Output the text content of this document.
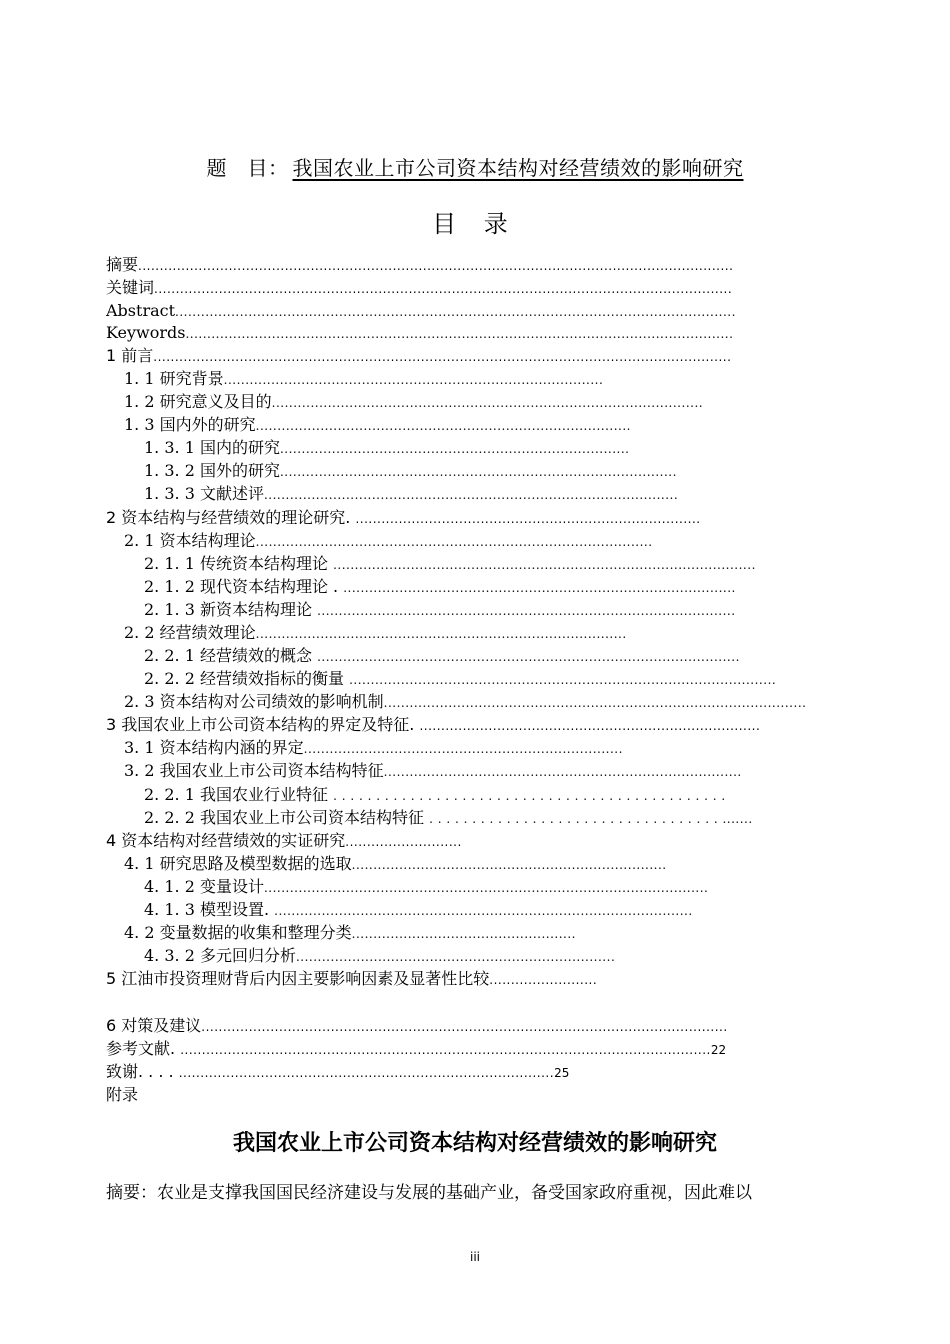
题　目： 我国农业上市公司资本结构对经营绩效的影响研究
目 录
摘要..........................................................................................................................................
关键词......................................................................................................................................
Abstract..................................................................................................................................
Keywords...............................................................................................................................
1 前言......................................................................................................................................
1. 1 研究背景........................................................................................
1. 2 研究意义及目的....................................................................................................
1. 3 国内外的研究.......................................................................................
1. 3. 1 国内的研究.................................................................................
1. 3. 2 国外的研究............................................................................................
1. 3. 3 文献述评................................................................................................
2 资本结构与经营绩效的理论研究. ................................................................................
2. 1 资本结构理论............................................................................................
2. 1. 1 传统资本结构理论 ..................................................................................................
2. 1. 2 现代资本结构理论 . ...........................................................................................
2. 1. 3 新资本结构理论 .................................................................................................
2. 2 经营绩效理论......................................................................................
2. 2. 1 经营绩效的概念 ..................................................................................................
2. 2. 2 经营绩效指标的衡量 ...................................................................................................
2. 3 资本结构对公司绩效的影响机制..................................................................................................
3 我国农业上市公司资本结构的界定及特征. ...............................................................................
3. 1 资本结构内涵的界定..........................................................................
3. 2 我国农业上市公司资本结构特征...................................................................................
2. 2. 1 我国农业行业特征 . . . . . . . . . . . . . . . . . . . . . . . . . . . . . . . . . . . . . . . . . . . . . .
2. 2. 2 我国农业上市公司资本结构特征 . . . . . . . . . . . . . . . . . . . . . . . . . . . . . . . . . . .......
4 资本结构对经营绩效的实证研究...........................
4. 1 研究思路及模型数据的选取.........................................................................
4. 1. 2 变量设计.......................................................................................................
4. 1. 3 模型设置. .................................................................................................
4. 2 变量数据的收集和整理分类....................................................
4. 3. 2 多元回归分析..........................................................................
5 江油市投资理财背后内因主要影响因素及显著性比较.........................
6 对策及建议..........................................................................................................................
参考文献. ...........................................................................................................................22
致谢. . . . .......................................................................................25
附录
我国农业上市公司资本结构对经营绩效的影响研究
摘要：农业是支撑我国国民经济建设与发展的基础产业，备受国家政府重视，因此难以
iii
